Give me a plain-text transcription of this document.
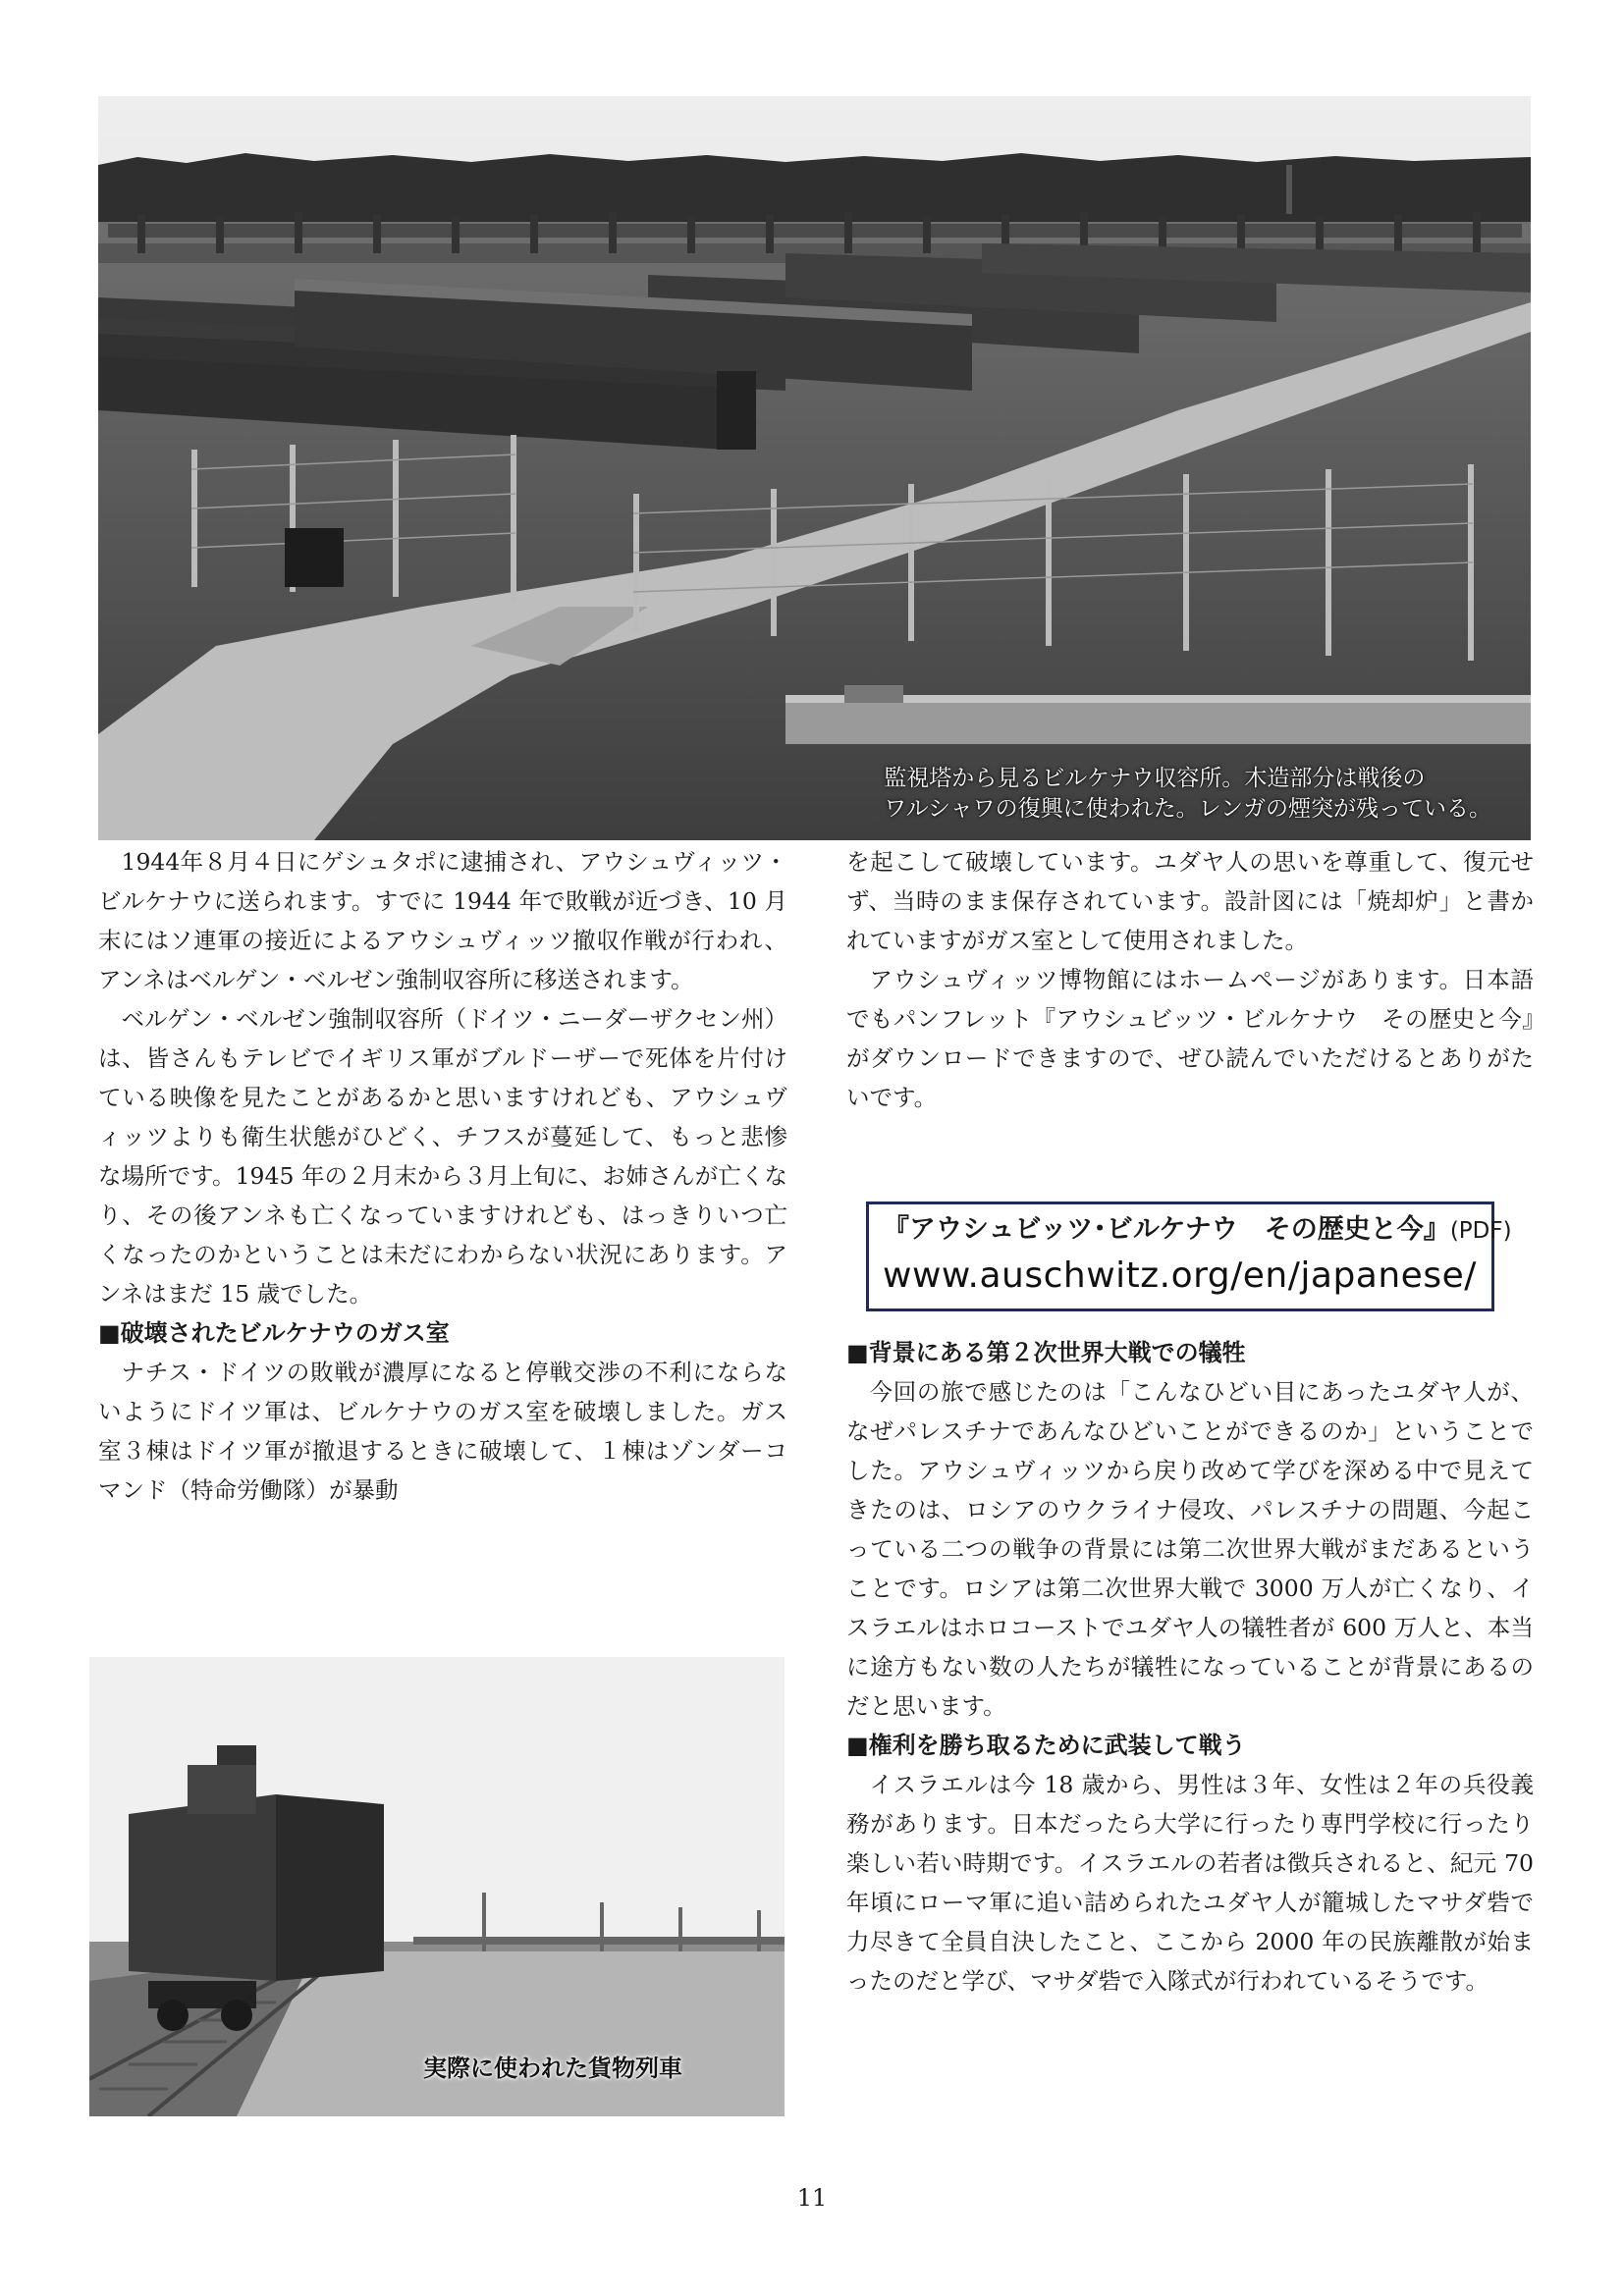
監視塔から見るビルケナウ収容所。木造部分は戦後の
ワルシャワの復興に使われた。レンガの煙突が残っている。

1944年８月４日にゲシュタポに逮捕され、アウシュヴィッツ・ビルケナウに送られます。すでに 1944 年で敗戦が近づき、10 月末にはソ連軍の接近によるアウシュヴィッツ撤収作戦が行われ、アンネはベルゲン・ベルゼン強制収容所に移送されます。

ベルゲン・ベルゼン強制収容所（ドイツ・ニーダーザクセン州）は、皆さんもテレビでイギリス軍がブルドーザーで死体を片付けている映像を見たことがあるかと思いますけれども、アウシュヴィッツよりも衛生状態がひどく、チフスが蔓延して、もっと悲惨な場所です。1945 年の２月末から３月上旬に、お姉さんが亡くなり、その後アンネも亡くなっていますけれども、はっきりいつ亡くなったのかということは未だにわからない状況にあります。アンネはまだ 15 歳でした。

■破壊されたビルケナウのガス室

ナチス・ドイツの敗戦が濃厚になると停戦交渉の不利にならないようにドイツ軍は、ビルケナウのガス室を破壊しました。ガス室３棟はドイツ軍が撤退するときに破壊して、１棟はゾンダーコマンド（特命労働隊）が暴動

実際に使われた貨物列車

を起こして破壊しています。ユダヤ人の思いを尊重して、復元せず、当時のまま保存されています。設計図には「焼却炉」と書かれていますがガス室として使用されました。

アウシュヴィッツ博物館にはホームページがあります。日本語でもパンフレット『アウシュビッツ・ビルケナウ　その歴史と今』がダウンロードできますので、ぜひ読んでいただけるとありがたいです。

『アウシュビッツ･ビルケナウ　その歴史と今』(PDF)
www.auschwitz.org/en/japanese/
■背景にある第２次世界大戦での犠牲

今回の旅で感じたのは「こんなひどい目にあったユダヤ人が、なぜパレスチナであんなひどいことができるのか」ということでした。アウシュヴィッツから戻り改めて学びを深める中で見えてきたのは、ロシアのウクライナ侵攻、パレスチナの問題、今起こっている二つの戦争の背景には第二次世界大戦がまだあるということです。ロシアは第二次世界大戦で 3000 万人が亡くなり、イスラエルはホロコーストでユダヤ人の犠牲者が 600 万人と、本当に途方もない数の人たちが犠牲になっていることが背景にあるのだと思います。

■権利を勝ち取るために武装して戦う

イスラエルは今 18 歳から、男性は３年、女性は２年の兵役義務があります。日本だったら大学に行ったり専門学校に行ったり楽しい若い時期です。イスラエルの若者は徴兵されると、紀元 70 年頃にローマ軍に追い詰められたユダヤ人が籠城したマサダ砦で力尽きて全員自決したこと、ここから 2000 年の民族離散が始まったのだと学び、マサダ砦で入隊式が行われているそうです。

11
